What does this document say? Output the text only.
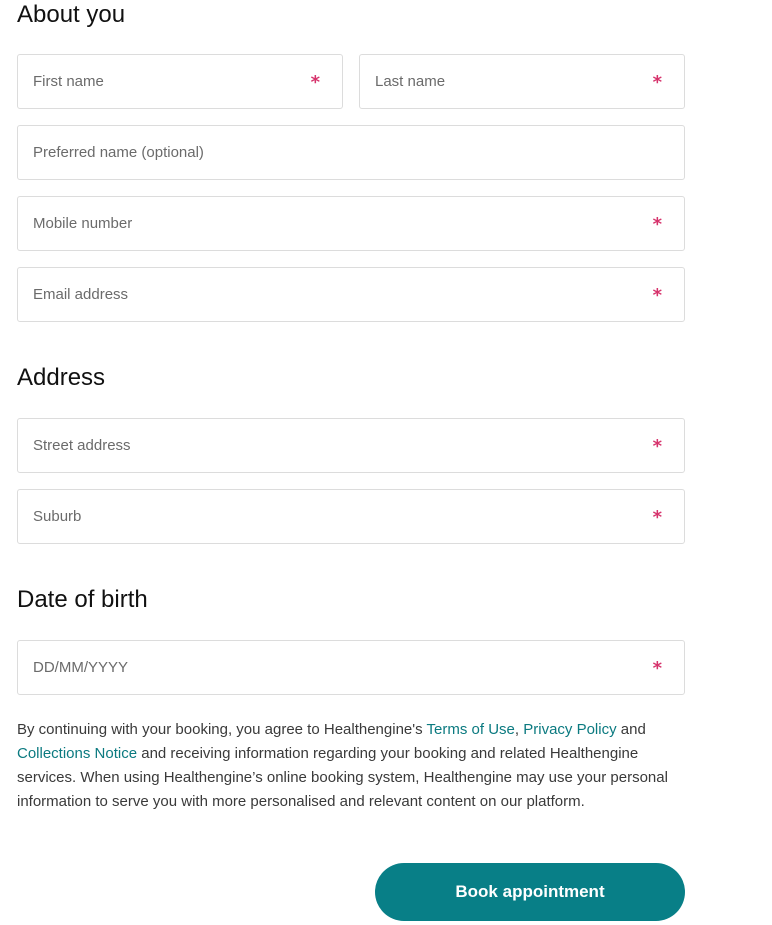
About you
First name
*
Last name	*
Preferred name (optional)
Mobile number
*
Email address
*
Address
Street address
*
Suburb
*
Date of birth
DD/MM/YYYY
*

By continuing with your booking, you agree to Healthengine's Terms of Use, Privacy Policy and Collections Notice and receiving information regarding your booking and related Healthengine services. When using Healthengine’s online booking system, Healthengine may use your personal information to serve you with more personalised and relevant content on our platform.

Book appointment
